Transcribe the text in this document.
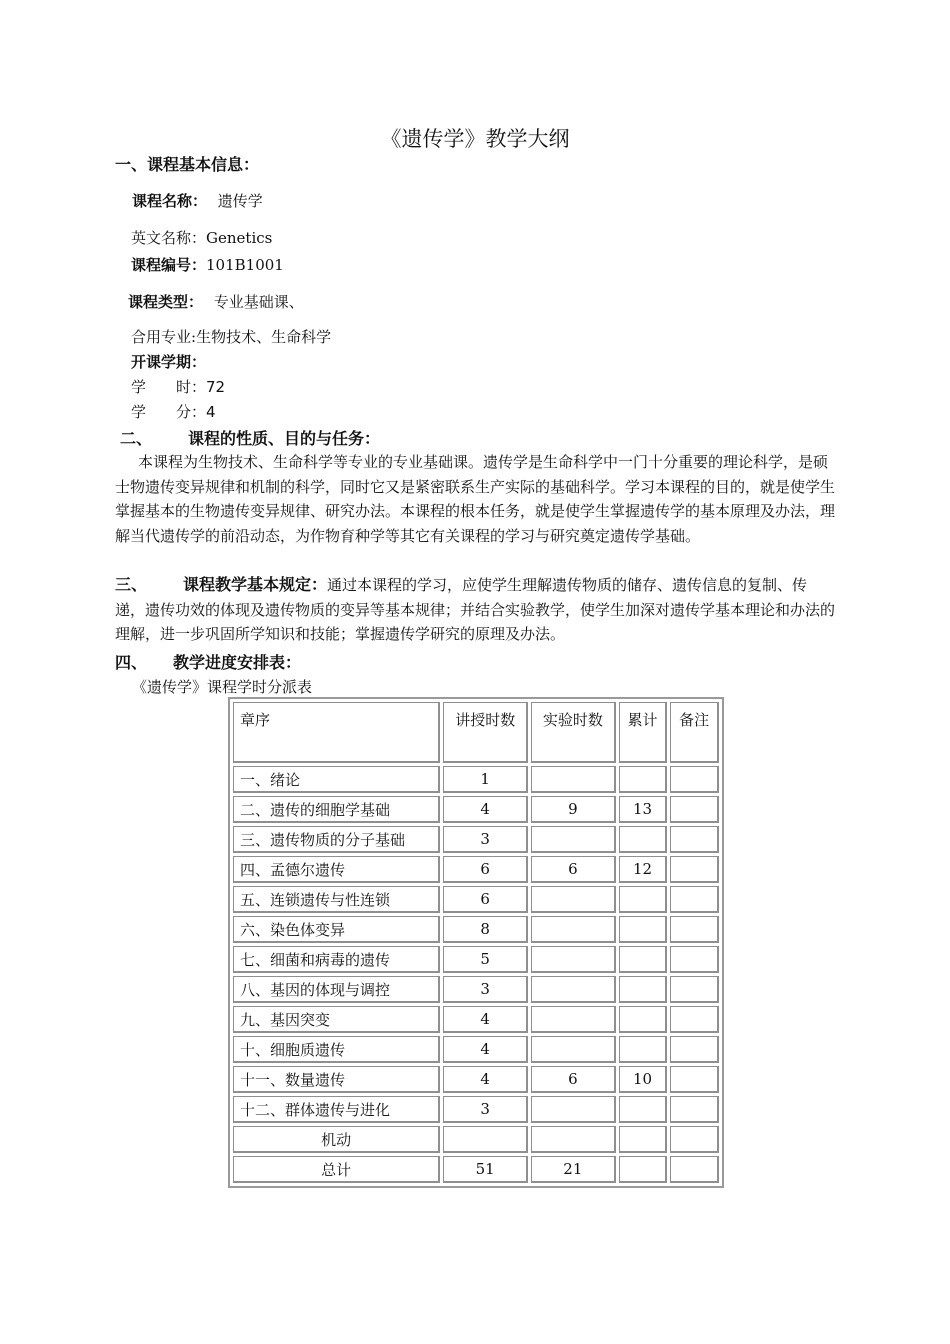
《遗传学》教学大纲
一、课程基本信息：
课程名称： 遗传学
英文名称：Genetics
课程编号：101B1001
课程类型： 专业基础课、
合用专业:生物技术、生命科学
开课学期：
学　　时：72
学　　分：4
二、 课程的性质、目的与任务：
本课程为生物技术、生命科学等专业的专业基础课。遗传学是生命科学中一门十分重要的理论科学，是硕士物遗传变异规律和机制的科学，同时它又是紧密联系生产实际的基础科学。学习本课程的目的，就是使学生掌握基本的生物遗传变异规律、研究办法。本课程的根本任务，就是使学生掌握遗传学的基本原理及办法，理解当代遗传学的前沿动态，为作物育种学等其它有关课程的学习与研究奠定遗传学基础。
三、 课程教学基本规定：通过本课程的学习，应使学生理解遗传物质的储存、遗传信息的复制、传递，遗传功效的体现及遗传物质的变异等基本规律；并结合实验教学，使学生加深对遗传学基本理论和办法的理解，进一步巩固所学知识和技能；掌握遗传学研究的原理及办法。
四、 教学进度安排表：
《遗传学》课程学时分派表
章序	讲授时数	实验时数	累计	备注
一、绪论	1			
二、遗传的细胞学基础	4	9	13	
三、遗传物质的分子基础	3			
四、孟德尔遗传	6	6	12	
五、连锁遗传与性连锁	6			
六、染色体变异	8			
七、细菌和病毒的遗传	5			
八、基因的体现与调控	3			
九、基因突变	4			
十、细胞质遗传	4			
十一、数量遗传	4	6	10	
十二、群体遗传与进化	3			
机动				
总计	51	21		
